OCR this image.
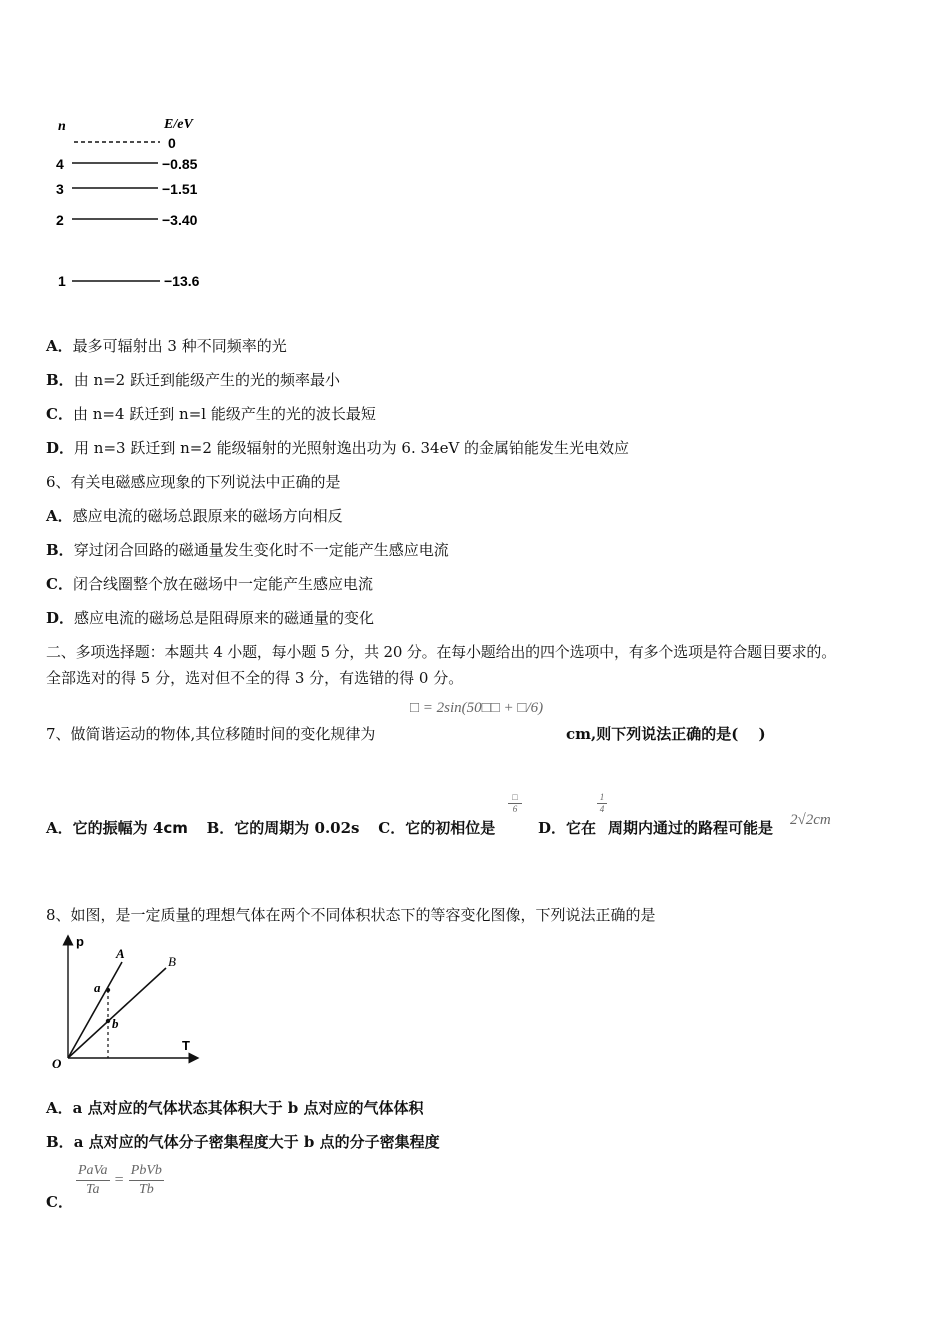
n	E/eV
0
4	−0.85
3	−1.51
2	−3.40
1	−13.6
A．最多可辐射出 3 种不同频率的光
B．由 n=2 跃迁到能级产生的光的频率最小
C．由 n=4 跃迁到 n=l 能级产生的光的波长最短
D．用 n=3 跃迁到 n=2 能级辐射的光照射逸出功为 6. 34eV 的金属铂能发生光电效应
6、有关电磁感应现象的下列说法中正确的是
A．感应电流的磁场总跟原来的磁场方向相反
B．穿过闭合回路的磁通量发生变化时不一定能产生感应电流
C．闭合线圈整个放在磁场中一定能产生感应电流
D．感应电流的磁场总是阻碍原来的磁通量的变化
二、多项选择题：本题共 4 小题，每小题 5 分，共 20 分。在每小题给出的四个选项中，有多个选项是符合题目要求的。
全部选对的得 5 分，选对但不全的得 3 分，有选错的得 0 分。
7、做简谐运动的物体,其位移随时间的变化规律为
□ = 2sin(50□□ + □/6)
cm,则下列说法正确的是(　 )
A．它的振幅为 4cm B．它的周期为 0.02s C．它的初相位是
□
6
D．它在
1
4
周期内通过的路程可能是 2√2cm
8、如图，是一定质量的理想气体在两个不同体积状态下的等容变化图像，下列说法正确的是
p
T
O
A
B
a
b
A．a 点对应的气体状态其体积大于 b 点对应的气体体积
B．a 点对应的气体分子密集程度大于 b 点的分子密集程度
C．
$\frac{\text{PaVa}}{Ta} = \frac{\text{PbVb}}{Tb}$
